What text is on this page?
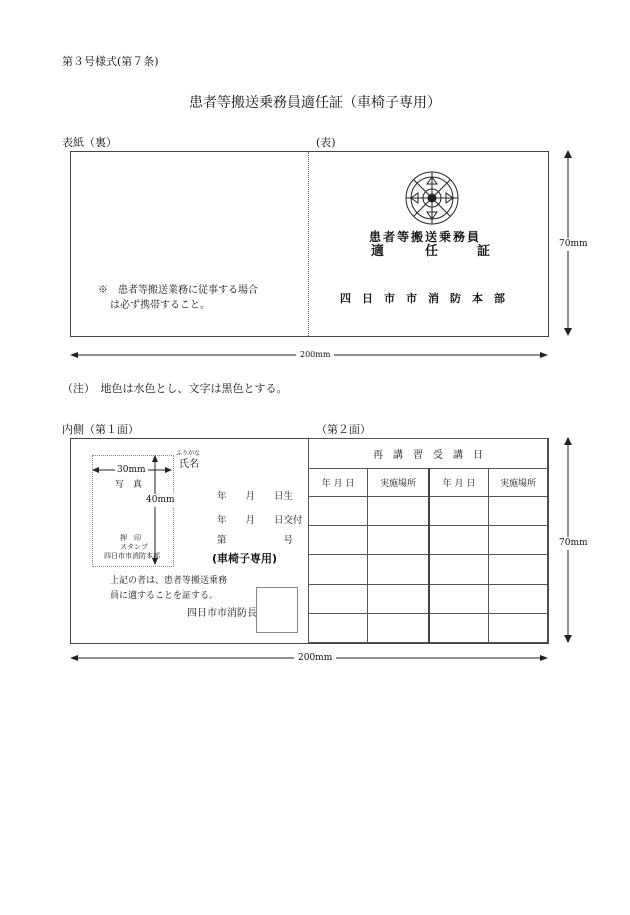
第３号様式(第７条)
患者等搬送乗務員適任証（車椅子専用）
表紙（裏）	(表)
※　患者等搬送業務に従事する場合
は必ず携帯すること。
患者等搬送乗務員
適	任	証
四　日　市　市　消　防　本　部
70mm
200mm
（注）　地色は水色とし、文字は黒色とする。
内側（第１面）	（第２面）
30mm
40mm
写　真
押　印
スタンプ
四日市市消防本部
ふりがな
氏名
年　　月　　日生
年　　月　　日交付
第　　　　　　号
(車椅子専用)
上記の者は、患者等搬送乗務
員に適することを証する。
四日市市消防長
再　講　習　受　講　日			
年 月 日	実施場所	年 月 日	実施場所

70mm
200mm
